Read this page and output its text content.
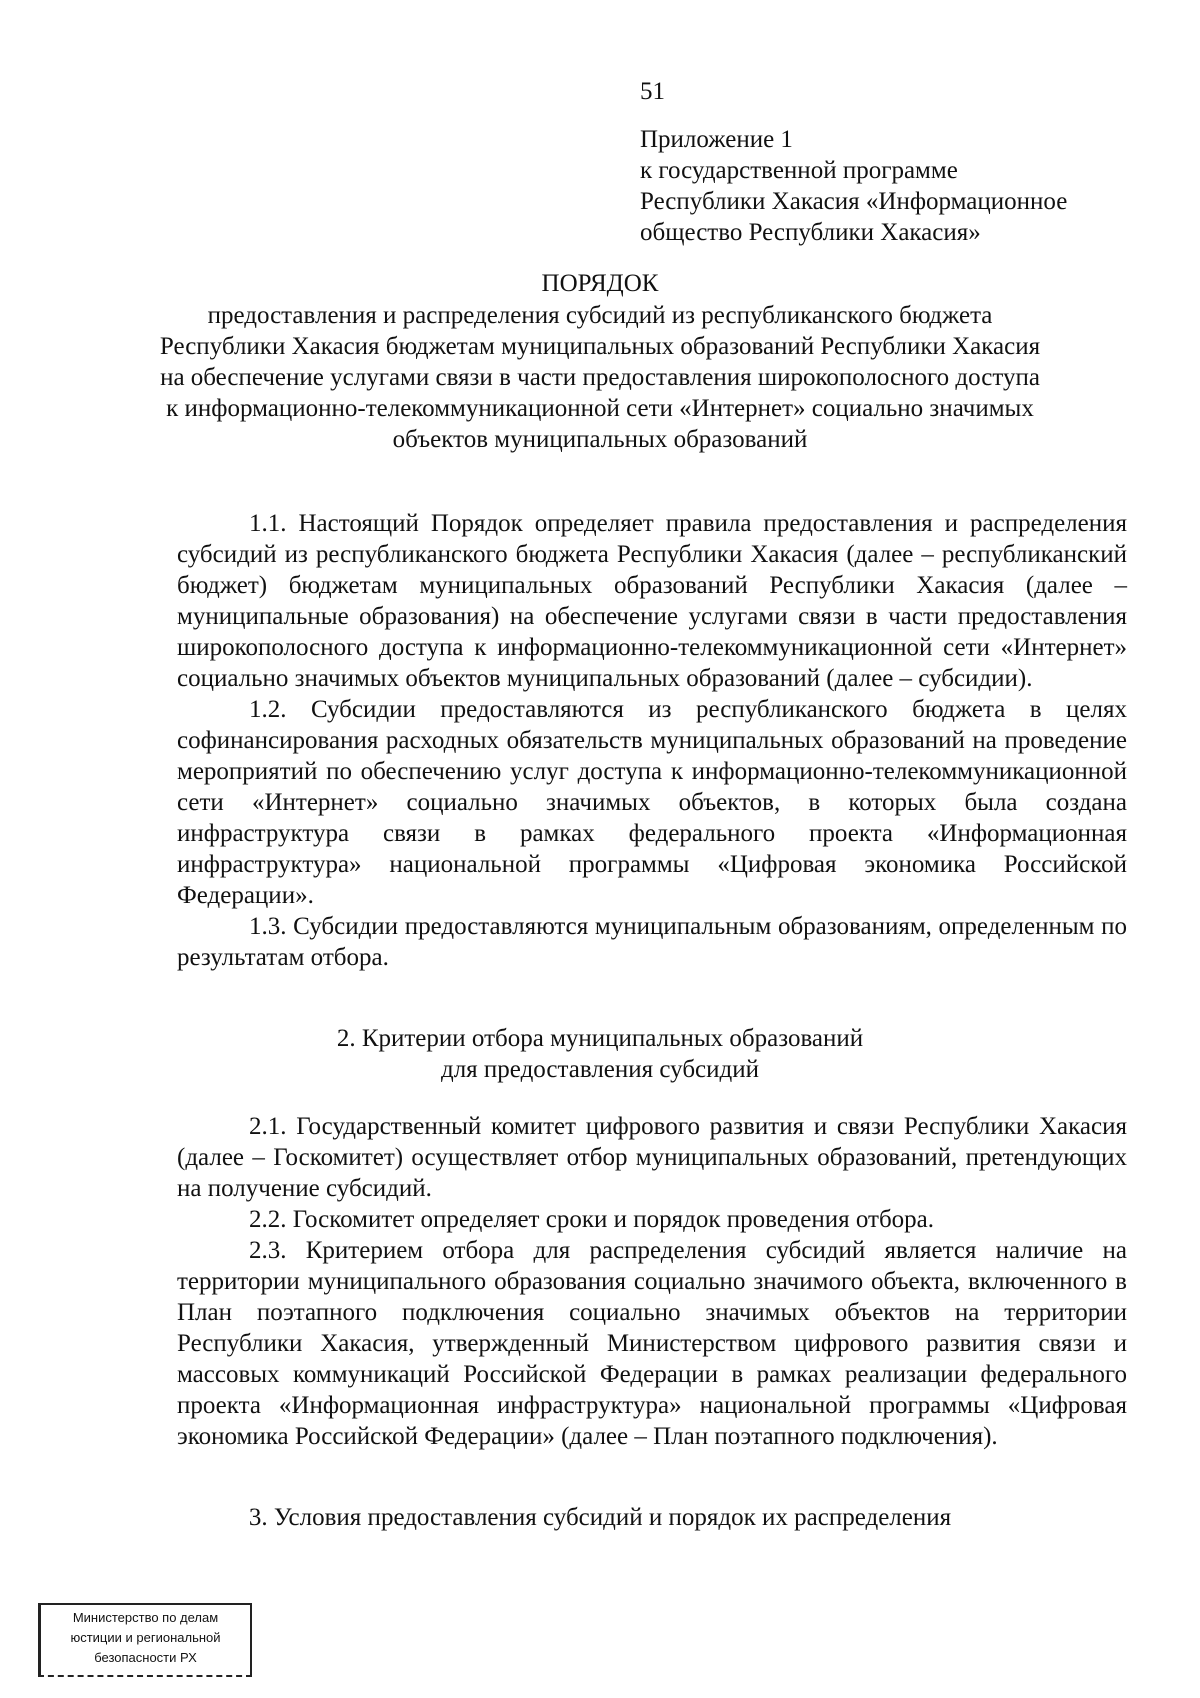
51
Приложение 1
к государственной программе
Республики Хакасия «Информационное
общество Республики Хакасия»
ПОРЯДОК
предоставления и распределения субсидий из республиканского бюджета
Республики Хакасия бюджетам муниципальных образований Республики Хакасия
на обеспечение услугами связи в части предоставления широкополосного доступа
к информационно-телекоммуникационной сети «Интернет» социально значимых
объектов муниципальных образований

1.1. Настоящий Порядок определяет правила предоставления и распределения субсидий из республиканского бюджета Республики Хакасия (далее – республиканский бюджет) бюджетам муниципальных образований Республики Хакасия (далее – муниципальные образования) на обеспечение услугами связи в части предоставления широкополосного доступа к информационно-телекоммуникационной сети «Интернет» социально значимых объектов муниципальных образований (далее – субсидии).

1.2. Субсидии предоставляются из республиканского бюджета в целях софинансирования расходных обязательств муниципальных образований на проведение мероприятий по обеспечению услуг доступа к информационно-телекоммуникационной сети «Интернет» социально значимых объектов, в которых была создана инфраструктура связи в рамках федерального проекта «Информационная инфраструктура» национальной программы «Цифровая экономика Российской Федерации».

1.3. Субсидии предоставляются муниципальным образованиям, определенным по результатам отбора.

2. Критерии отбора муниципальных образований
для предоставления субсидий

2.1. Государственный комитет цифрового развития и связи Республики Хакасия (далее – Госкомитет) осуществляет отбор муниципальных образований, претендующих на получение субсидий.

2.2. Госкомитет определяет сроки и порядок проведения отбора.

2.3. Критерием отбора для распределения субсидий является наличие на территории муниципального образования социально значимого объекта, включенного в План поэтапного подключения социально значимых объектов на территории Республики Хакасия, утвержденный Министерством цифрового развития связи и массовых коммуникаций Российской Федерации в рамках реализации федерального проекта «Информационная инфраструктура» национальной программы «Цифровая экономика Российской Федерации» (далее – План поэтапного подключения).

3. Условия предоставления субсидий и порядок их распределения
Министерство по делам
юстиции и региональной
безопасности РХ
